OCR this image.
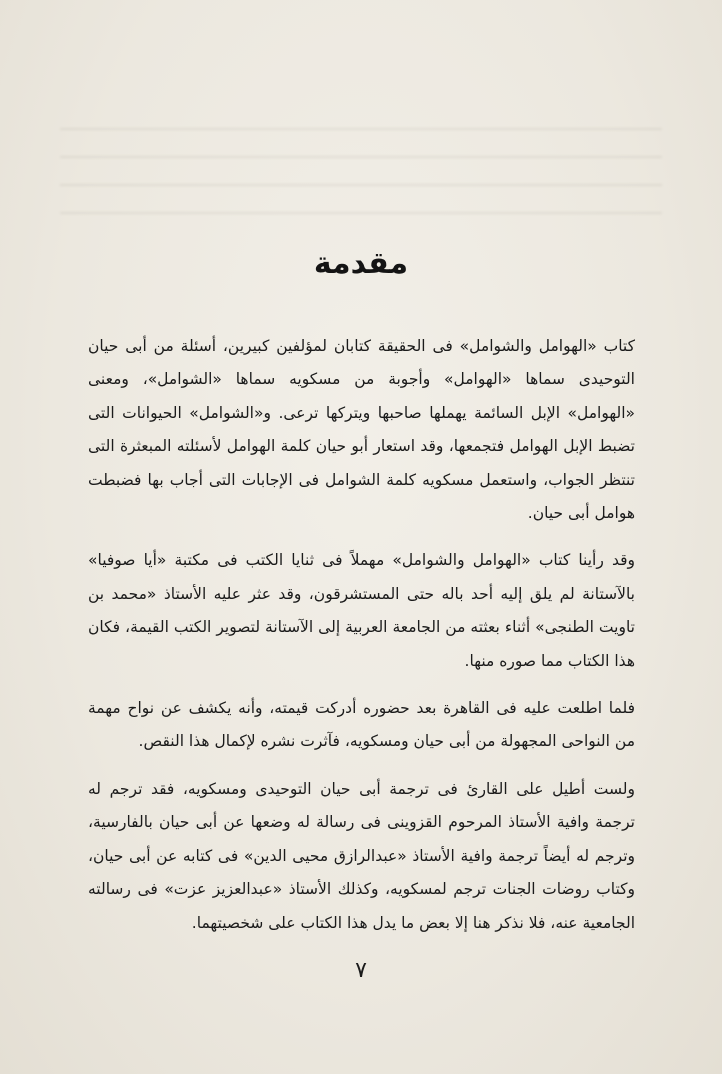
مقدمة

كتاب «الهوامل والشوامل» فى الحقيقة كتابان لمؤلفين كبيرين، أسئلة من أبى حيان التوحيدى سماها «الهوامل» وأجوبة من مسكويه سماها «الشوامل»، ومعنى «الهوامل» الإبل السائمة يهملها صاحبها ويتركها ترعى. و«الشوامل» الحيوانات التى تضبط الإبل الهوامل فتجمعها، وقد استعار أبو حيان كلمة الهوامل لأسئلته المبعثرة التى تنتظر الجواب، واستعمل مسكويه كلمة الشوامل فى الإجابات التى أجاب بها فضبطت هوامل أبى حيان.

وقد رأينا كتاب «الهوامل والشوامل» مهملاً فى ثنايا الكتب فى مكتبة «أيا صوفيا» بالآستانة لم يلق إليه أحد باله حتى المستشرقون، وقد عثر عليه الأستاذ «محمد بن تاويت الطنجى» أثناء بعثته من الجامعة العربية إلى الآستانة لتصوير الكتب القيمة، فكان هذا الكتاب مما صوره منها.

فلما اطلعت عليه فى القاهرة بعد حضوره أدركت قيمته، وأنه يكشف عن نواح مهمة من النواحى المجهولة من أبى حيان ومسكويه، فآثرت نشره لإكمال هذا النقص.

ولست أطيل على القارئ فى ترجمة أبى حيان التوحيدى ومسكويه، فقد ترجم له ترجمة وافية الأستاذ المرحوم القزوينى فى رسالة له وضعها عن أبى حيان بالفارسية، وترجم له أيضاً ترجمة وافية الأستاذ «عبدالرازق محيى الدين» فى كتابه عن أبى حيان، وكتاب روضات الجنات ترجم لمسكويه، وكذلك الأستاذ «عبدالعزيز عزت» فى رسالته الجامعية عنه، فلا نذكر هنا إلا بعض ما يدل هذا الكتاب على شخصيتهما.

٧
